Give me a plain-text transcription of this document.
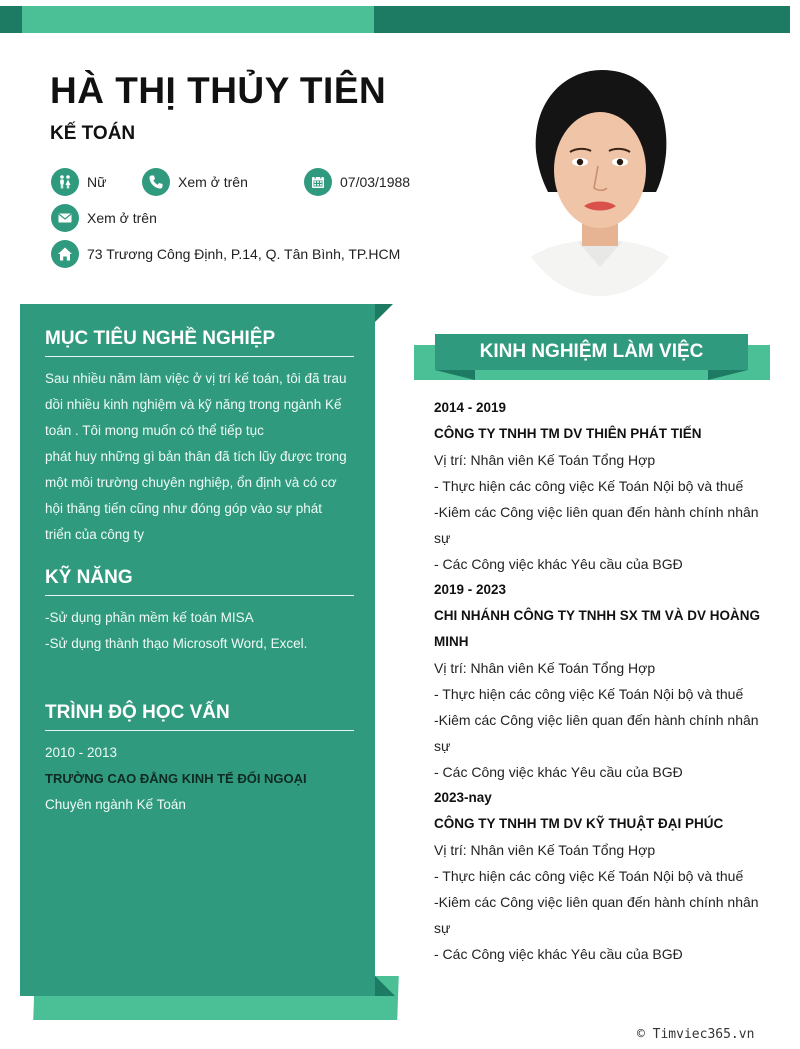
HÀ THỊ THỦY TIÊN
KẾ TOÁN
Nữ	Xem ở trên	07/03/1988
Xem ở trên
73 Trương Công Định, P.14, Q. Tân Bình, TP.HCM
MỤC TIÊU NGHỀ NGHIỆP
Sau nhiều năm làm việc ở vị trí kế toán, tôi đã trau
dồi nhiều kinh nghiệm và kỹ năng trong ngành Kế
toán . Tôi mong muốn có thể tiếp tục
phát huy những gì bản thân đã tích lũy được trong
một môi trường chuyên nghiệp, ổn định và có cơ
hội thăng tiến cũng như đóng góp vào sự phát
triển của công ty
KỸ NĂNG
-Sử dụng phần mềm kế toán MISA
-Sử dụng thành thạo Microsoft Word, Excel.
TRÌNH ĐỘ HỌC VẤN
2010 - 2013
TRƯỜNG CAO ĐẲNG KINH TẾ ĐỐI NGOẠI
Chuyên ngành Kế Toán
KINH NGHIỆM LÀM VIỆC
2014 - 2019
CÔNG TY TNHH TM DV THIÊN PHÁT TIẾN
Vị trí: Nhân viên Kế Toán Tổng Hợp
- Thực hiện các công việc Kế Toán Nội bộ và thuế
-Kiêm các Công việc liên quan đến hành chính nhân
sự
- Các Công việc khác Yêu cầu của BGĐ
2019 - 2023
CHI NHÁNH CÔNG TY TNHH SX TM VÀ DV HOÀNG
MINH
Vị trí: Nhân viên Kế Toán Tổng Hợp
- Thực hiện các công việc Kế Toán Nội bộ và thuế
-Kiêm các Công việc liên quan đến hành chính nhân
sự
- Các Công việc khác Yêu cầu của BGĐ
2023-nay
CÔNG TY TNHH TM DV KỸ THUẬT ĐẠI PHÚC
Vị trí: Nhân viên Kế Toán Tổng Hợp
- Thực hiện các công việc Kế Toán Nội bộ và thuế
-Kiêm các Công việc liên quan đến hành chính nhân
sự
- Các Công việc khác Yêu cầu của BGĐ
© Timviec365.vn
